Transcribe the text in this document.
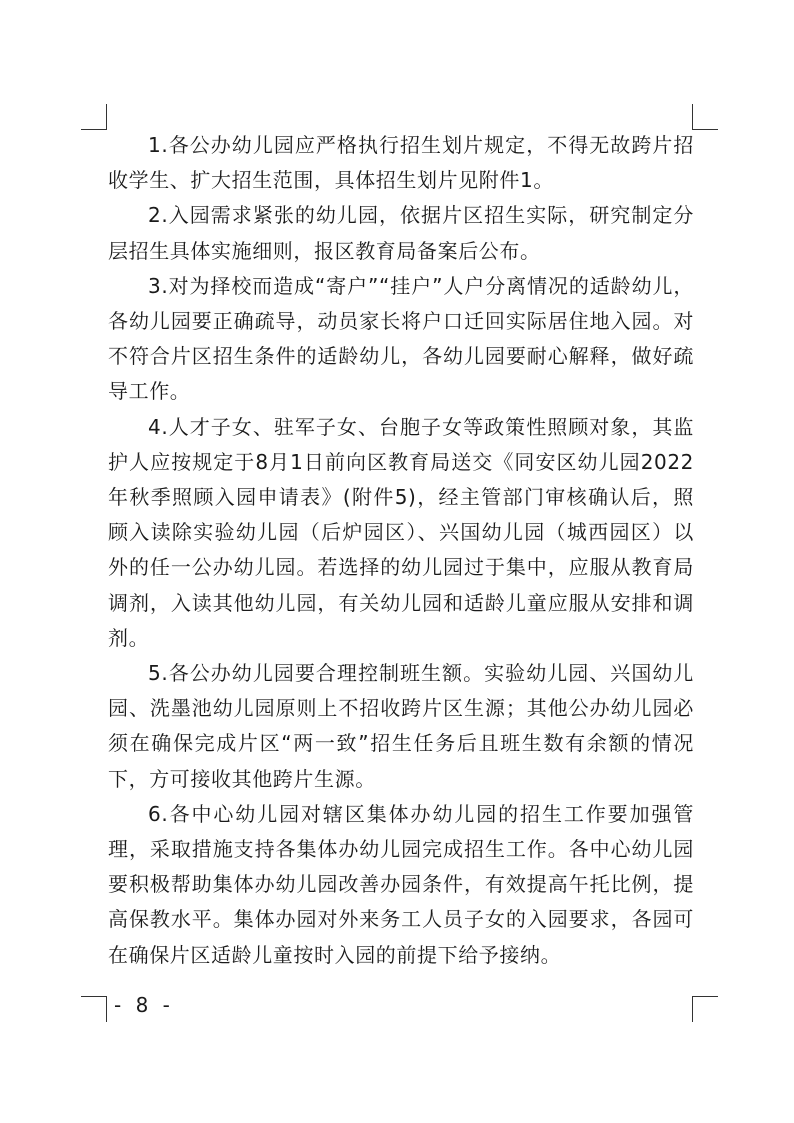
1.各公办幼儿园应严格执行招生划片规定，不得无故跨片招收学生、扩大招生范围，具体招生划片见附件1。

2.入园需求紧张的幼儿园，依据片区招生实际，研究制定分层招生具体实施细则，报区教育局备案后公布。

3.对为择校而造成“寄户”“挂户”人户分离情况的适龄幼儿，各幼儿园要正确疏导，动员家长将户口迁回实际居住地入园。对不符合片区招生条件的适龄幼儿，各幼儿园要耐心解释，做好疏导工作。

4.人才子女、驻军子女、台胞子女等政策性照顾对象，其监护人应按规定于8月1日前向区教育局送交《同安区幼儿园2022年秋季照顾入园申请表》(附件5)，经主管部门审核确认后，照顾入读除实验幼儿园（后炉园区）、兴国幼儿园（城西园区）以外的任一公办幼儿园。若选择的幼儿园过于集中，应服从教育局调剂，入读其他幼儿园，有关幼儿园和适龄儿童应服从安排和调剂。

5.各公办幼儿园要合理控制班生额。实验幼儿园、兴国幼儿园、洗墨池幼儿园原则上不招收跨片区生源；其他公办幼儿园必须在确保完成片区“两一致”招生任务后且班生数有余额的情况下，方可接收其他跨片生源。

6.各中心幼儿园对辖区集体办幼儿园的招生工作要加强管理，采取措施支持各集体办幼儿园完成招生工作。各中心幼儿园要积极帮助集体办幼儿园改善办园条件，有效提高午托比例，提高保教水平。集体办园对外来务工人员子女的入园要求，各园可在确保片区适龄儿童按时入园的前提下给予接纳。

- 8 -
